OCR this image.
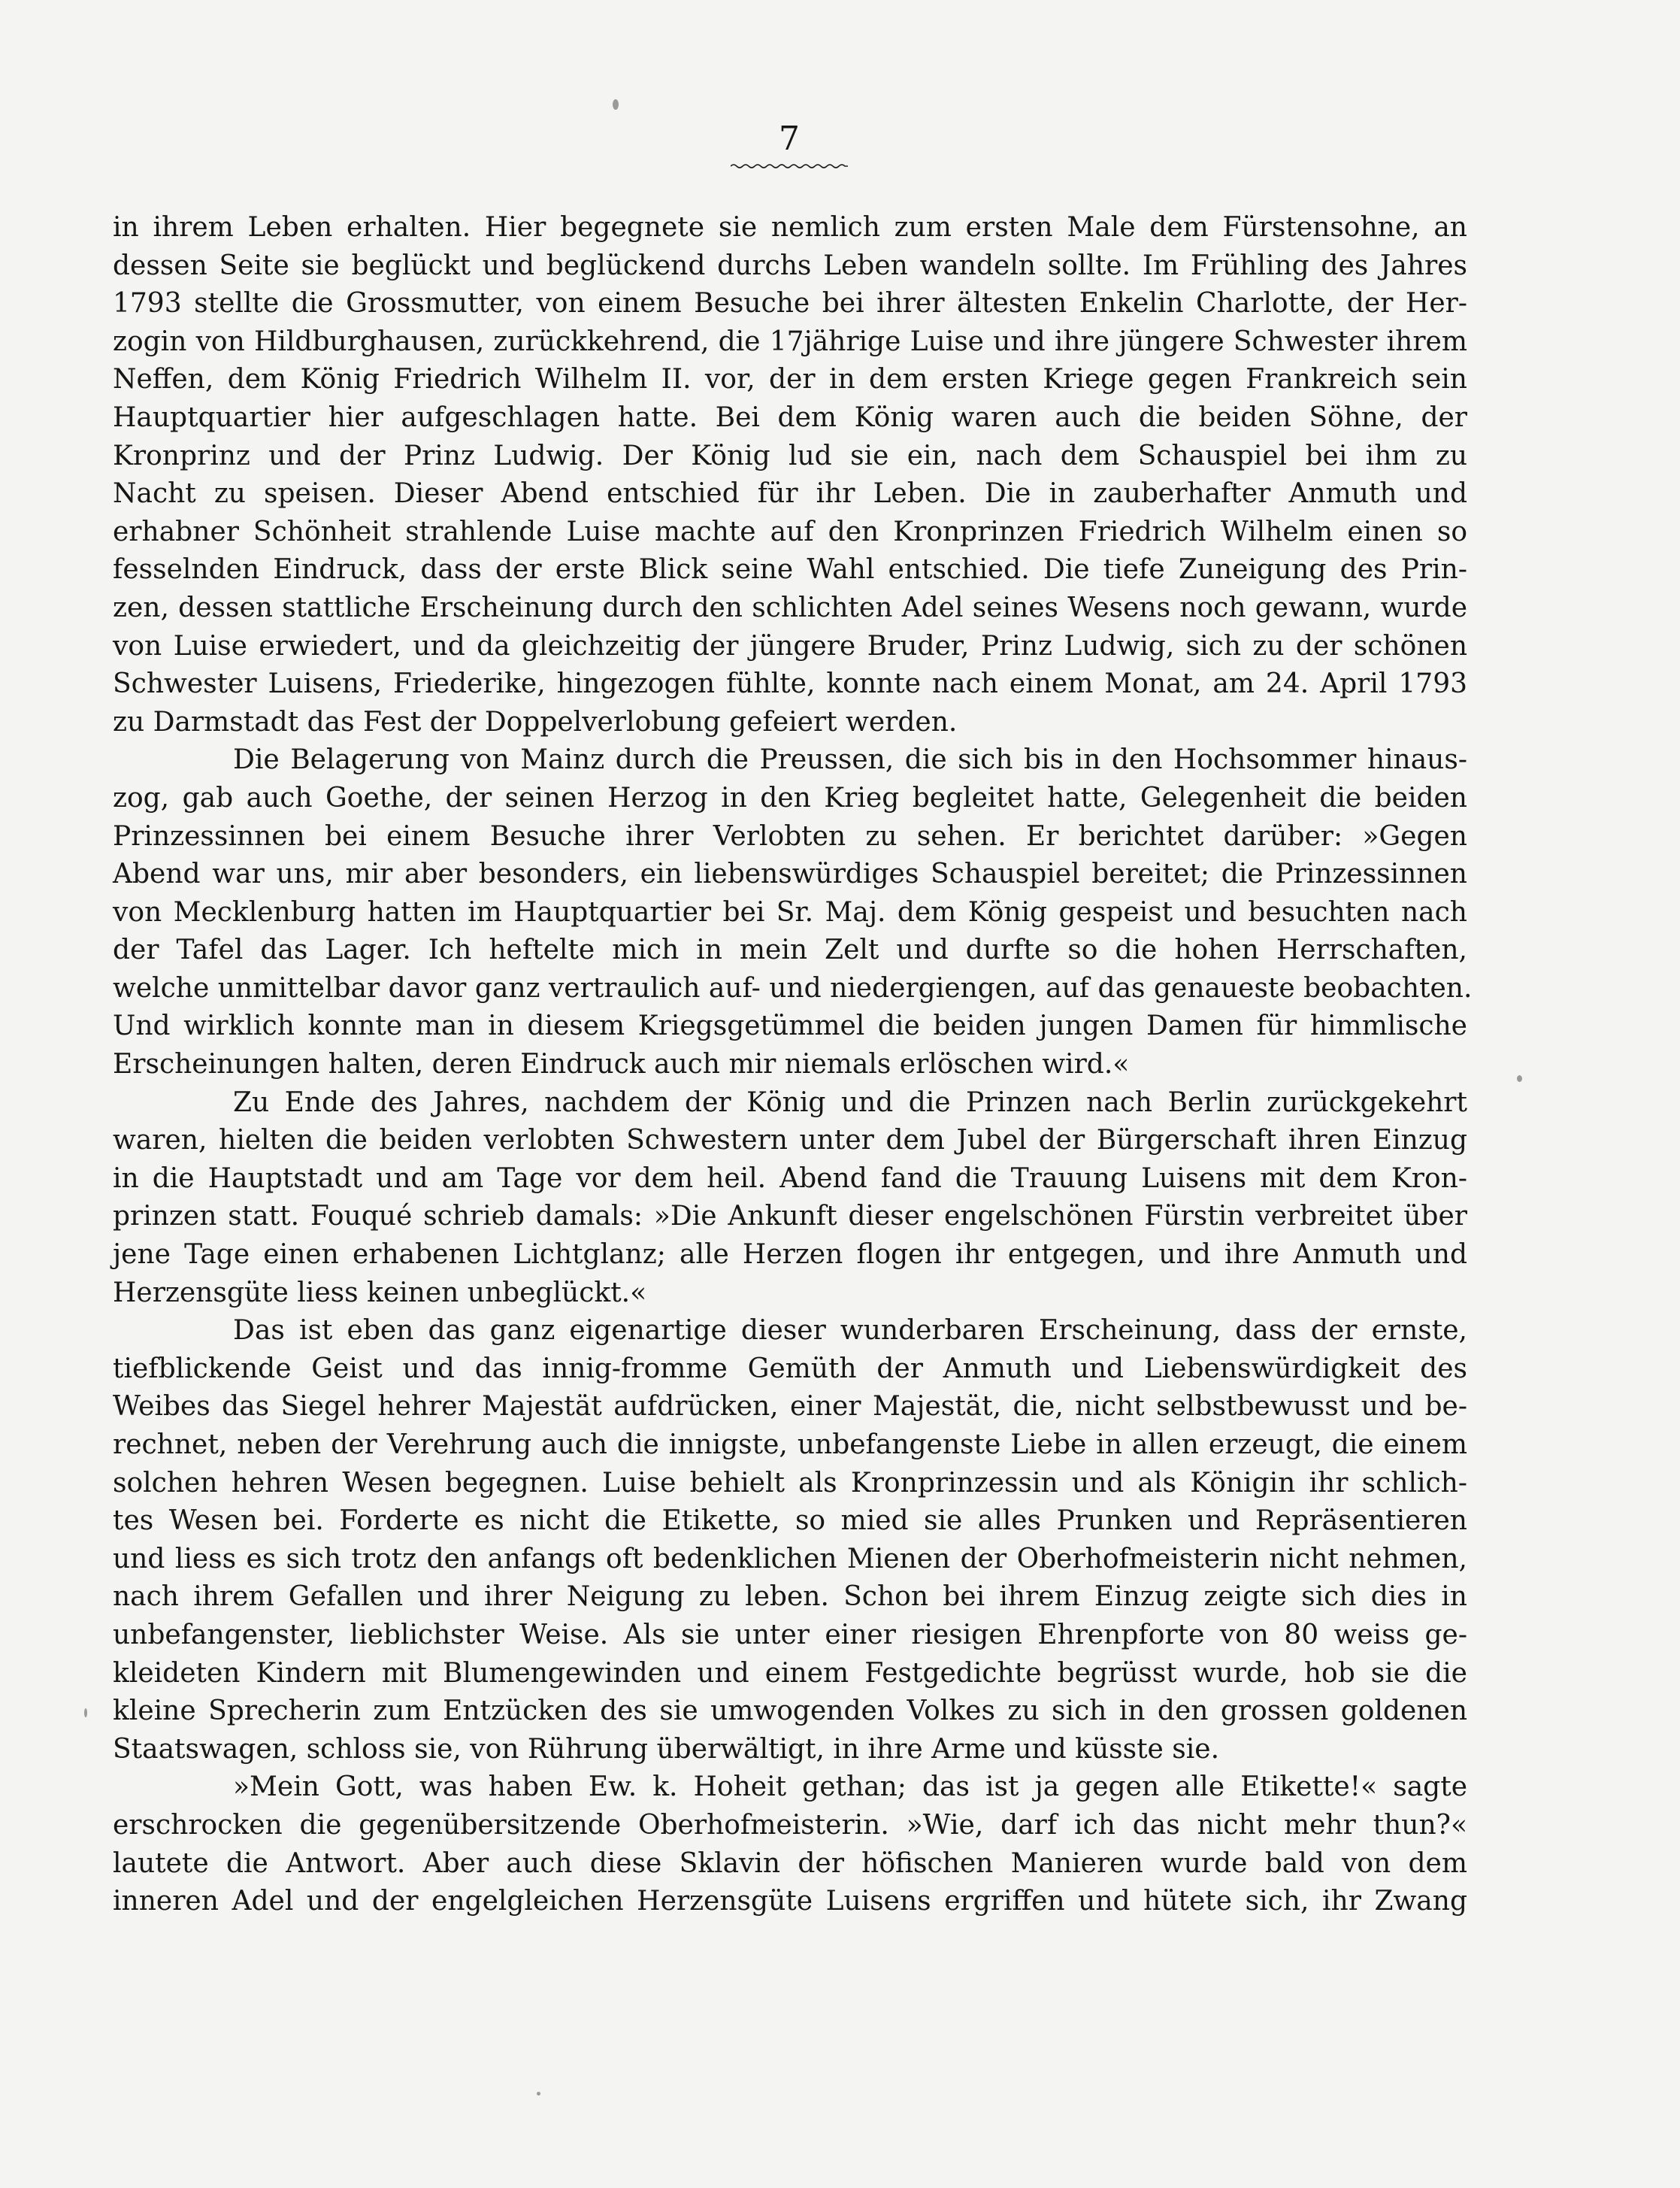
7
in ihrem Leben erhalten. Hier begegnete sie nemlich zum ersten Male dem Fürstensohne, an
dessen Seite sie beglückt und beglückend durchs Leben wandeln sollte. Im Frühling des Jahres
1793 stellte die Grossmutter, von einem Besuche bei ihrer ältesten Enkelin Charlotte, der Her-
zogin von Hildburghausen, zurückkehrend, die 17jährige Luise und ihre jüngere Schwester ihrem
Neffen, dem König Friedrich Wilhelm II. vor, der in dem ersten Kriege gegen Frankreich sein
Hauptquartier hier aufgeschlagen hatte. Bei dem König waren auch die beiden Söhne, der
Kronprinz und der Prinz Ludwig. Der König lud sie ein, nach dem Schauspiel bei ihm zu
Nacht zu speisen. Dieser Abend entschied für ihr Leben. Die in zauberhafter Anmuth und
erhabner Schönheit strahlende Luise machte auf den Kronprinzen Friedrich Wilhelm einen so
fesselnden Eindruck, dass der erste Blick seine Wahl entschied. Die tiefe Zuneigung des Prin-
zen, dessen stattliche Erscheinung durch den schlichten Adel seines Wesens noch gewann, wurde
von Luise erwiedert, und da gleichzeitig der jüngere Bruder, Prinz Ludwig, sich zu der schönen
Schwester Luisens, Friederike, hingezogen fühlte, konnte nach einem Monat, am 24. April 1793
zu Darmstadt das Fest der Doppelverlobung gefeiert werden.
Die Belagerung von Mainz durch die Preussen, die sich bis in den Hochsommer hinaus-
zog, gab auch Goethe, der seinen Herzog in den Krieg begleitet hatte, Gelegenheit die beiden
Prinzessinnen bei einem Besuche ihrer Verlobten zu sehen. Er berichtet darüber: »Gegen
Abend war uns, mir aber besonders, ein liebenswürdiges Schauspiel bereitet; die Prinzessinnen
von Mecklenburg hatten im Hauptquartier bei Sr. Maj. dem König gespeist und besuchten nach
der Tafel das Lager. Ich heftelte mich in mein Zelt und durfte so die hohen Herrschaften,
welche unmittelbar davor ganz vertraulich auf- und niedergiengen, auf das genaueste beobachten.
Und wirklich konnte man in diesem Kriegsgetümmel die beiden jungen Damen für himmlische
Erscheinungen halten, deren Eindruck auch mir niemals erlöschen wird.«
Zu Ende des Jahres, nachdem der König und die Prinzen nach Berlin zurückgekehrt
waren, hielten die beiden verlobten Schwestern unter dem Jubel der Bürgerschaft ihren Einzug
in die Hauptstadt und am Tage vor dem heil. Abend fand die Trauung Luisens mit dem Kron-
prinzen statt. Fouqué schrieb damals: »Die Ankunft dieser engelschönen Fürstin verbreitet über
jene Tage einen erhabenen Lichtglanz; alle Herzen flogen ihr entgegen, und ihre Anmuth und
Herzensgüte liess keinen unbeglückt.«
Das ist eben das ganz eigenartige dieser wunderbaren Erscheinung, dass der ernste,
tiefblickende Geist und das innig-fromme Gemüth der Anmuth und Liebenswürdigkeit des
Weibes das Siegel hehrer Majestät aufdrücken, einer Majestät, die, nicht selbstbewusst und be-
rechnet, neben der Verehrung auch die innigste, unbefangenste Liebe in allen erzeugt, die einem
solchen hehren Wesen begegnen. Luise behielt als Kronprinzessin und als Königin ihr schlich-
tes Wesen bei. Forderte es nicht die Etikette, so mied sie alles Prunken und Repräsentieren
und liess es sich trotz den anfangs oft bedenklichen Mienen der Oberhofmeisterin nicht nehmen,
nach ihrem Gefallen und ihrer Neigung zu leben. Schon bei ihrem Einzug zeigte sich dies in
unbefangenster, lieblichster Weise. Als sie unter einer riesigen Ehrenpforte von 80 weiss ge-
kleideten Kindern mit Blumengewinden und einem Festgedichte begrüsst wurde, hob sie die
kleine Sprecherin zum Entzücken des sie umwogenden Volkes zu sich in den grossen goldenen
Staatswagen, schloss sie, von Rührung überwältigt, in ihre Arme und küsste sie.
»Mein Gott, was haben Ew. k. Hoheit gethan; das ist ja gegen alle Etikette!« sagte
erschrocken die gegenübersitzende Oberhofmeisterin. »Wie, darf ich das nicht mehr thun?«
lautete die Antwort. Aber auch diese Sklavin der höfischen Manieren wurde bald von dem
inneren Adel und der engelgleichen Herzensgüte Luisens ergriffen und hütete sich, ihr Zwang
